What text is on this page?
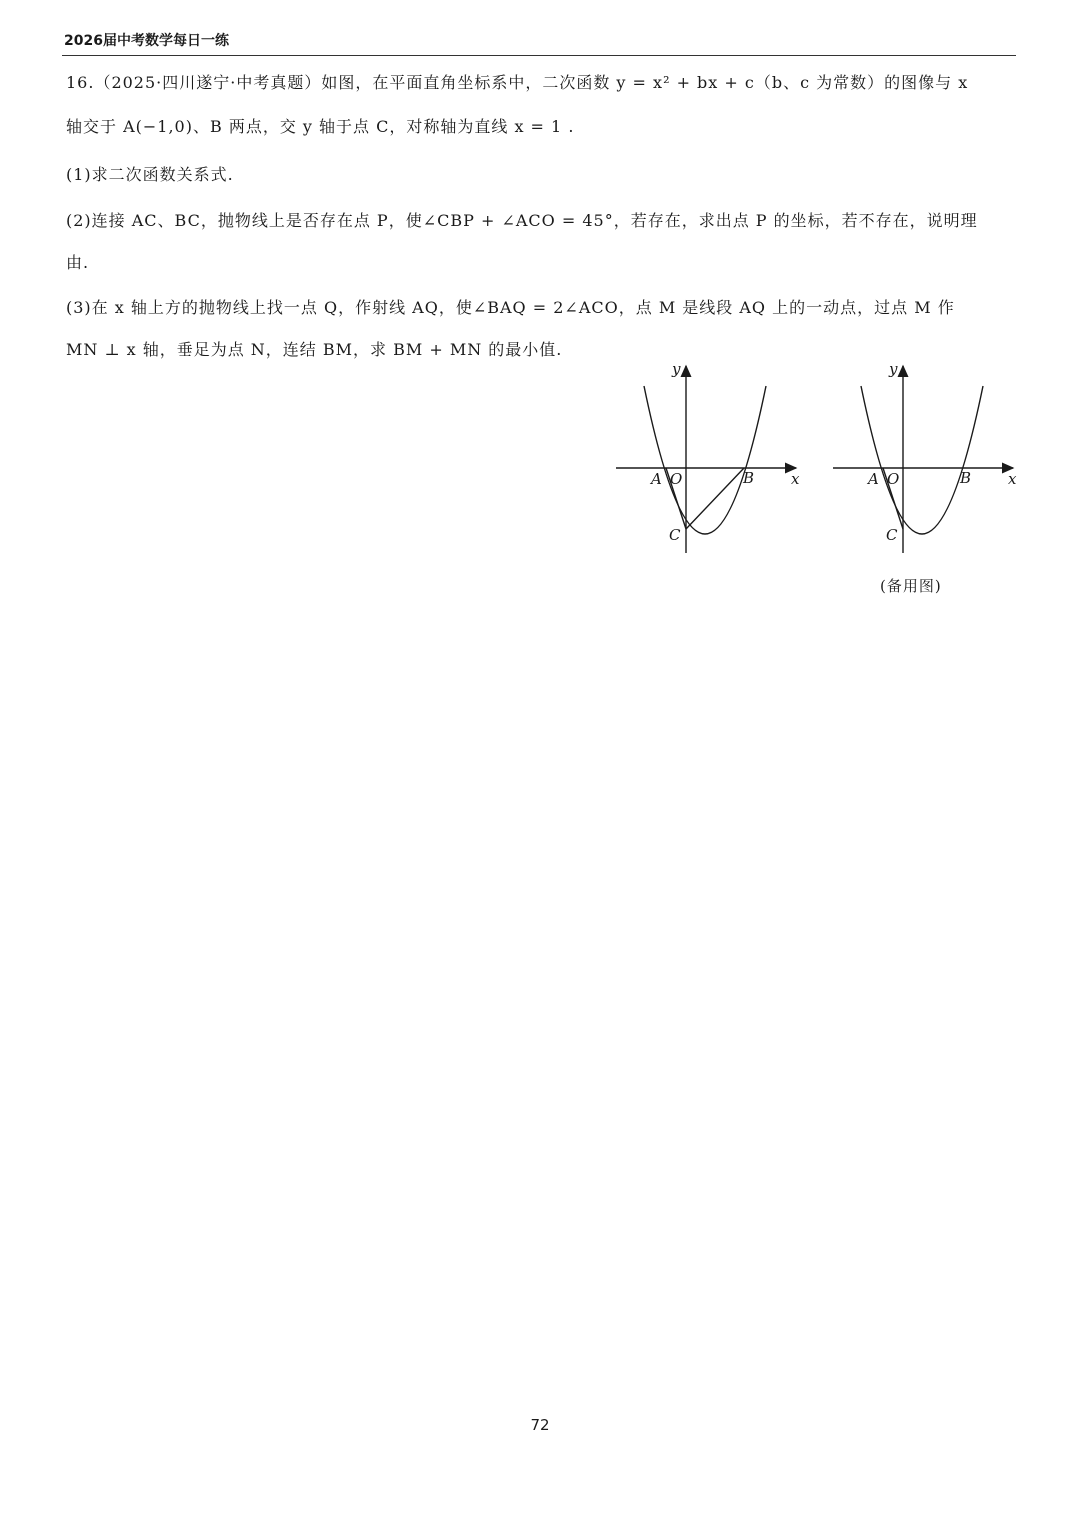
2026届中考数学每日一练
16.（2025·四川遂宁·中考真题）如图，在平面直角坐标系中，二次函数 y = x² + bx + c（b、c 为常数）的图像与 x
轴交于 A(−1,0)、B 两点，交 y 轴于点 C，对称轴为直线 x = 1 .
(1)求二次函数关系式.
(2)连接 AC、BC，抛物线上是否存在点 P，使∠CBP + ∠ACO = 45°，若存在，求出点 P 的坐标，若不存在，说明理
由.
(3)在 x 轴上方的抛物线上找一点 Q，作射线 AQ，使∠BAQ = 2∠ACO，点 M 是线段 AQ 上的一动点，过点 M 作
MN ⊥ x 轴，垂足为点 N，连结 BM，求 BM + MN 的最小值.
y
x
A O	B
C
y
x
A O	B
C
(备用图)
72
